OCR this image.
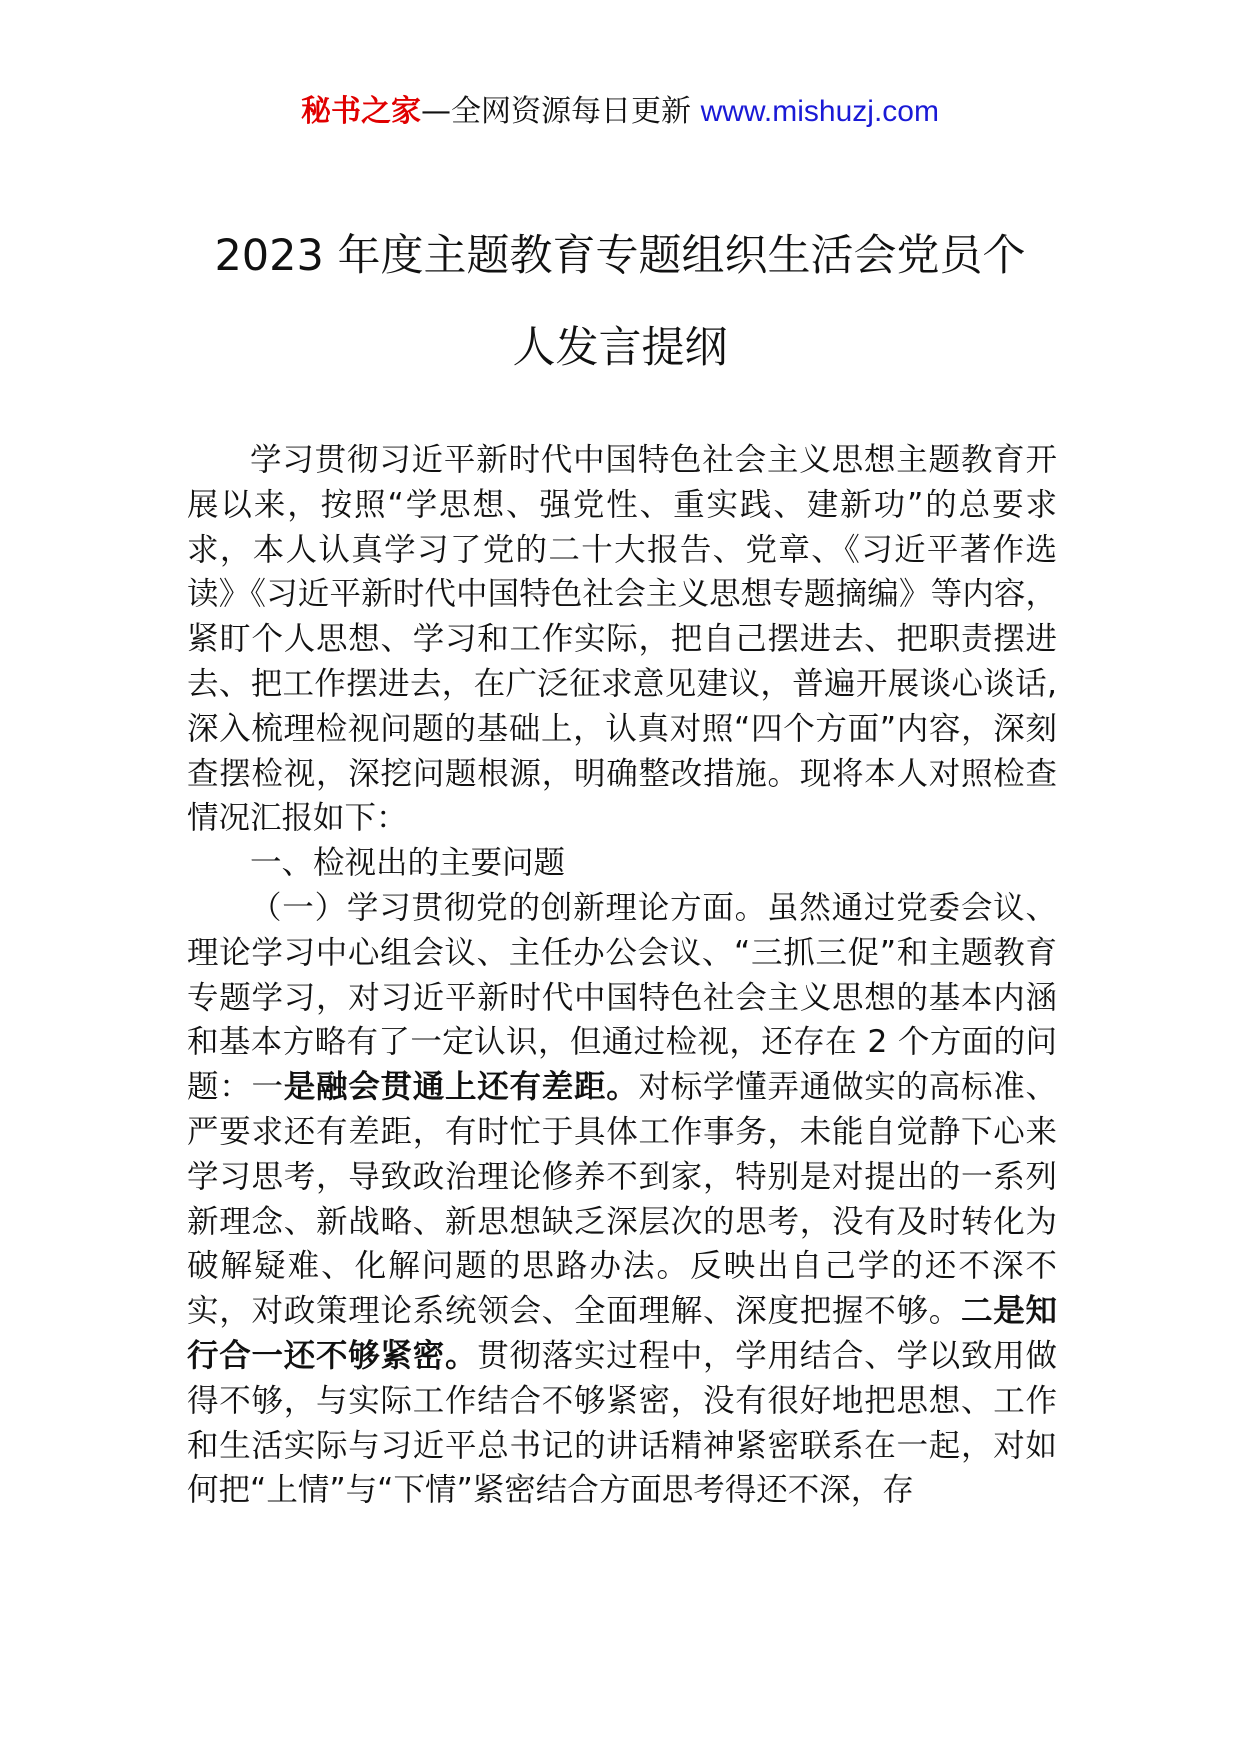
秘书之家—全网资源每日更新 www.mishuzj.com
2023 年度主题教育专题组织生活会党员个
人发言提纲

学习贯彻习近平新时代中国特色社会主义思想主题教育开展以来，按照“学思想、强党性、重实践、建新功”的总要求求，本人认真学习了党的二十大报告、党章、《习近平著作选读》《习近平新时代中国特色社会主义思想专题摘编》等内容，紧盯个人思想、学习和工作实际，把自己摆进去、把职责摆进去、把工作摆进去，在广泛征求意见建议，普遍开展谈心谈话, 深入梳理检视问题的基础上，认真对照“四个方面”内容，深刻查摆检视，深挖问题根源，明确整改措施。现将本人对照检查情况汇报如下：

一、检视出的主要问题

（一）学习贯彻党的创新理论方面。虽然通过党委会议、理论学习中心组会议、主任办公会议、“三抓三促”和主题教育专题学习，对习近平新时代中国特色社会主义思想的基本内涵和基本方略有了一定认识，但通过检视，还存在 2 个方面的问题：一是融会贯通上还有差距。对标学懂弄通做实的高标准、严要求还有差距，有时忙于具体工作事务，未能自觉静下心来学习思考，导致政治理论修养不到家，特别是对提出的一系列新理念、新战略、新思想缺乏深层次的思考，没有及时转化为破解疑难、化解问题的思路办法。反映出自己学的还不深不实，对政策理论系统领会、全面理解、深度把握不够。二是知行合一还不够紧密。贯彻落实过程中，学用结合、学以致用做得不够，与实际工作结合不够紧密，没有很好地把思想、工作和生活实际与习近平总书记的讲话精神紧密联系在一起，对如何把“上情”与“下情”紧密结合方面思考得还不深，存
